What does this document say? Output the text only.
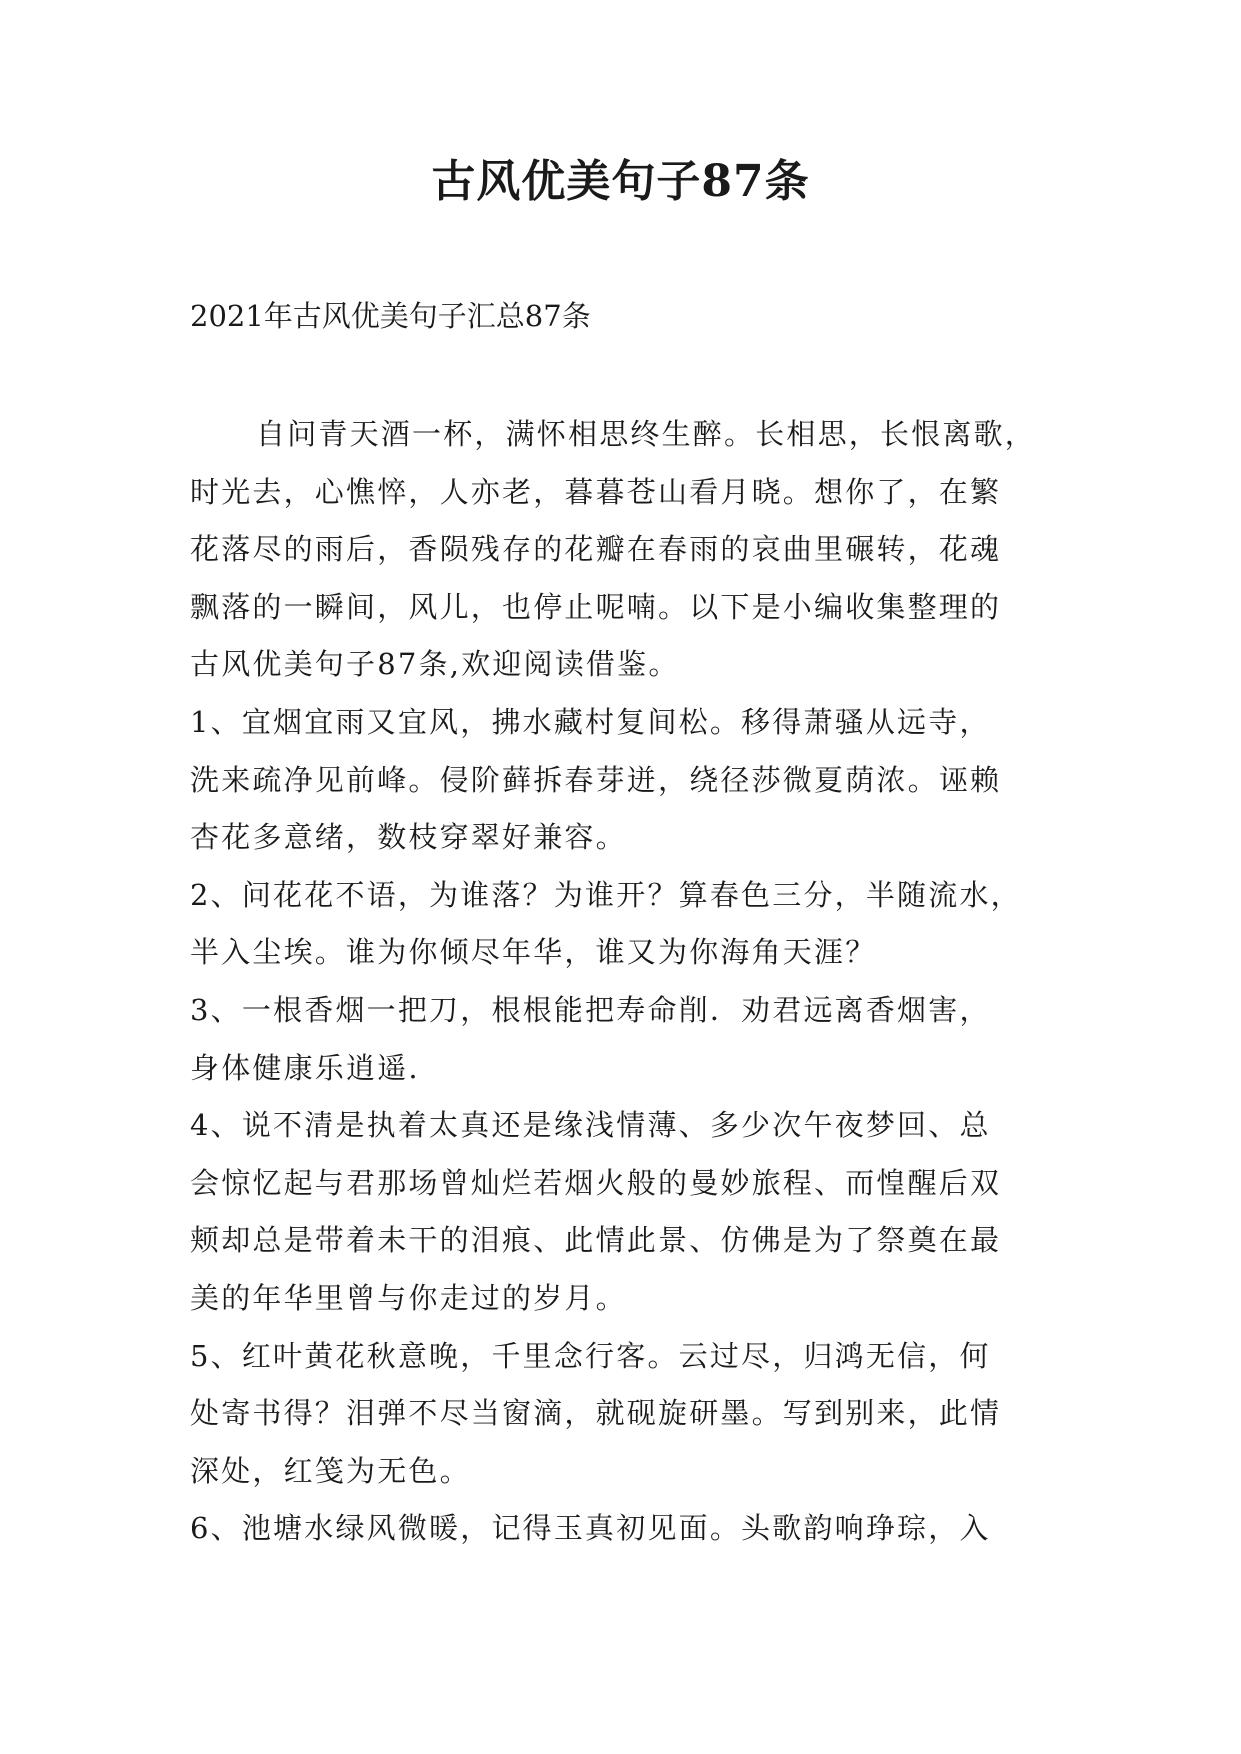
古风优美句子87条
2021年古风优美句子汇总87条
自问青天酒一杯，满怀相思终生醉。长相思，长恨离歌，
时光去，心憔悴，人亦老，暮暮苍山看月晓。想你了，在繁
花落尽的雨后，香陨残存的花瓣在春雨的哀曲里碾转，花魂
飘落的一瞬间，风儿，也停止呢喃。以下是小编收集整理的
古风优美句子87条,欢迎阅读借鉴。
1、宜烟宜雨又宜风，拂水藏村复间松。移得萧骚从远寺，
洗来疏净见前峰。侵阶藓拆春芽迸，绕径莎微夏荫浓。诬赖
杏花多意绪，数枝穿翠好兼容。
2、问花花不语，为谁落？为谁开？算春色三分，半随流水，
半入尘埃。谁为你倾尽年华，谁又为你海角天涯？
3、一根香烟一把刀，根根能把寿命削．劝君远离香烟害，
身体健康乐逍遥.
4、说不清是执着太真还是缘浅情薄、多少次午夜梦回、总
会惊忆起与君那场曾灿烂若烟火般的曼妙旅程、而惶醒后双
颊却总是带着未干的泪痕、此情此景、仿佛是为了祭奠在最
美的年华里曾与你走过的岁月。
5、红叶黄花秋意晚，千里念行客。云过尽，归鸿无信，何
处寄书得？泪弹不尽当窗滴，就砚旋研墨。写到别来，此情
深处，红笺为无色。
6、池塘水绿风微暖，记得玉真初见面。头歌韵响琤琮，入
